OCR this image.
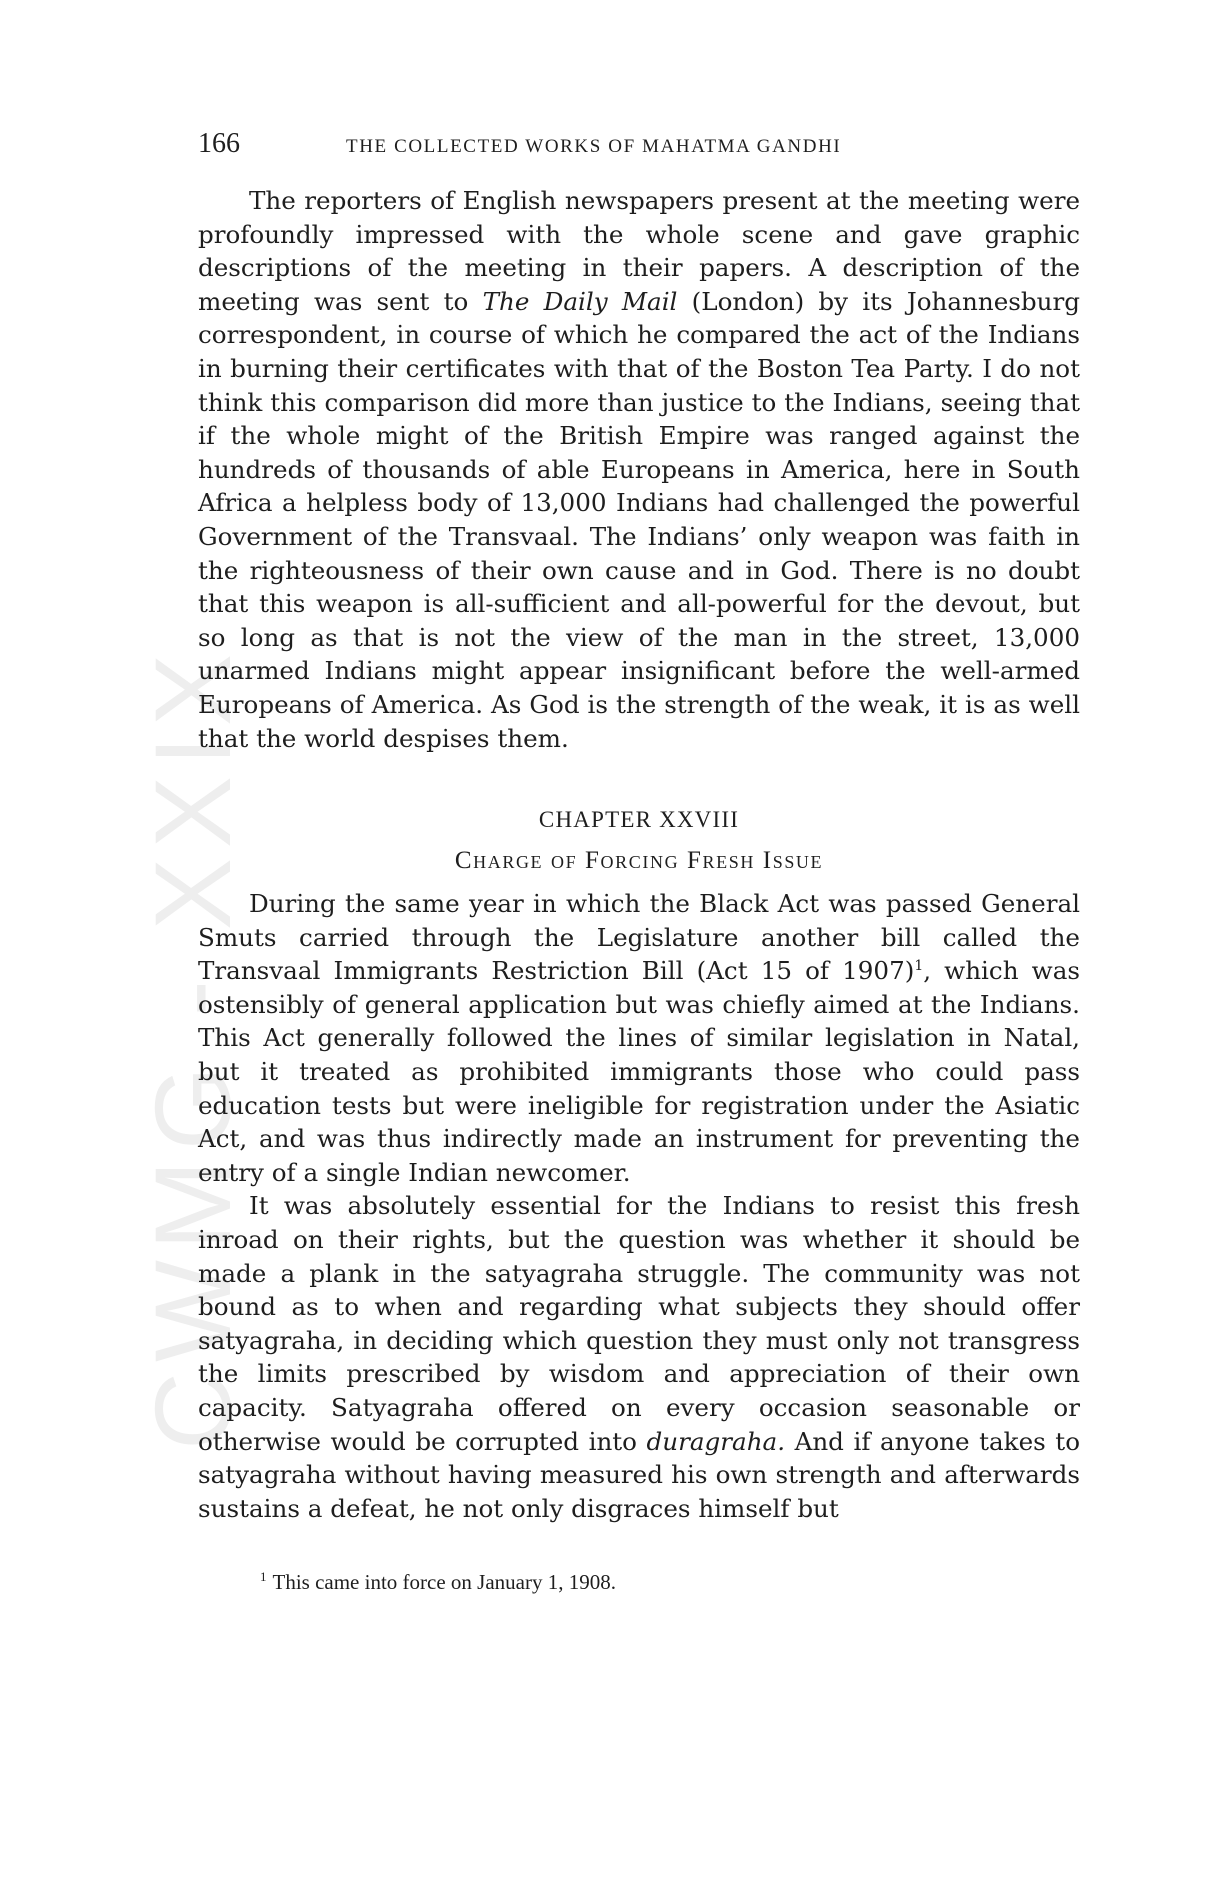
CWMG - XXIX
166	THE COLLECTED WORKS OF MAHATMA GANDHI

The reporters of English newspapers present at the meeting were profoundly impressed with the whole scene and gave graphic descriptions of the meeting in their papers. A description of the meeting was sent to The Daily Mail (London) by its Johannesburg correspondent, in course of which he compared the act of the Indians in burning their certificates with that of the Boston Tea Party. I do not think this comparison did more than justice to the Indians, seeing that if the whole might of the British Empire was ranged against the hundreds of thousands of able Europeans in America, here in South Africa a helpless body of 13,000 Indians had challenged the powerful Government of the Transvaal. The Indians’ only weapon was faith in the righteousness of their own cause and in God. There is no doubt that this weapon is all-sufficient and all-powerful for the devout, but so long as that is not the view of the man in the street, 13,000 unarmed Indians might appear insignificant before the well-armed Europeans of America. As God is the strength of the weak, it is as well that the world despises them.

CHAPTER XXVIII
Charge of Forcing Fresh Issue

During the same year in which the Black Act was passed General Smuts carried through the Legislature another bill called the Transvaal Immigrants Restriction Bill (Act 15 of 1907)$^1$, which was ostensibly of general application but was chiefly aimed at the Indians. This Act generally followed the lines of similar legislation in Natal, but it treated as prohibited immigrants those who could pass education tests but were ineligible for registration under the Asiatic Act, and was thus indirectly made an instrument for preventing the entry of a single Indian newcomer.

It was absolutely essential for the Indians to resist this fresh inroad on their rights, but the question was whether it should be made a plank in the satyagraha struggle. The community was not bound as to when and regarding what subjects they should offer satyagraha, in deciding which question they must only not transgress the limits prescribed by wisdom and appreciation of their own capacity. Satyagraha offered on every occasion seasonable or otherwise would be corrupted into duragraha. And if anyone takes to satyagraha without having measured his own strength and afterwards sustains a defeat, he not only disgraces himself but

$^1$ This came into force on January 1, 1908.
